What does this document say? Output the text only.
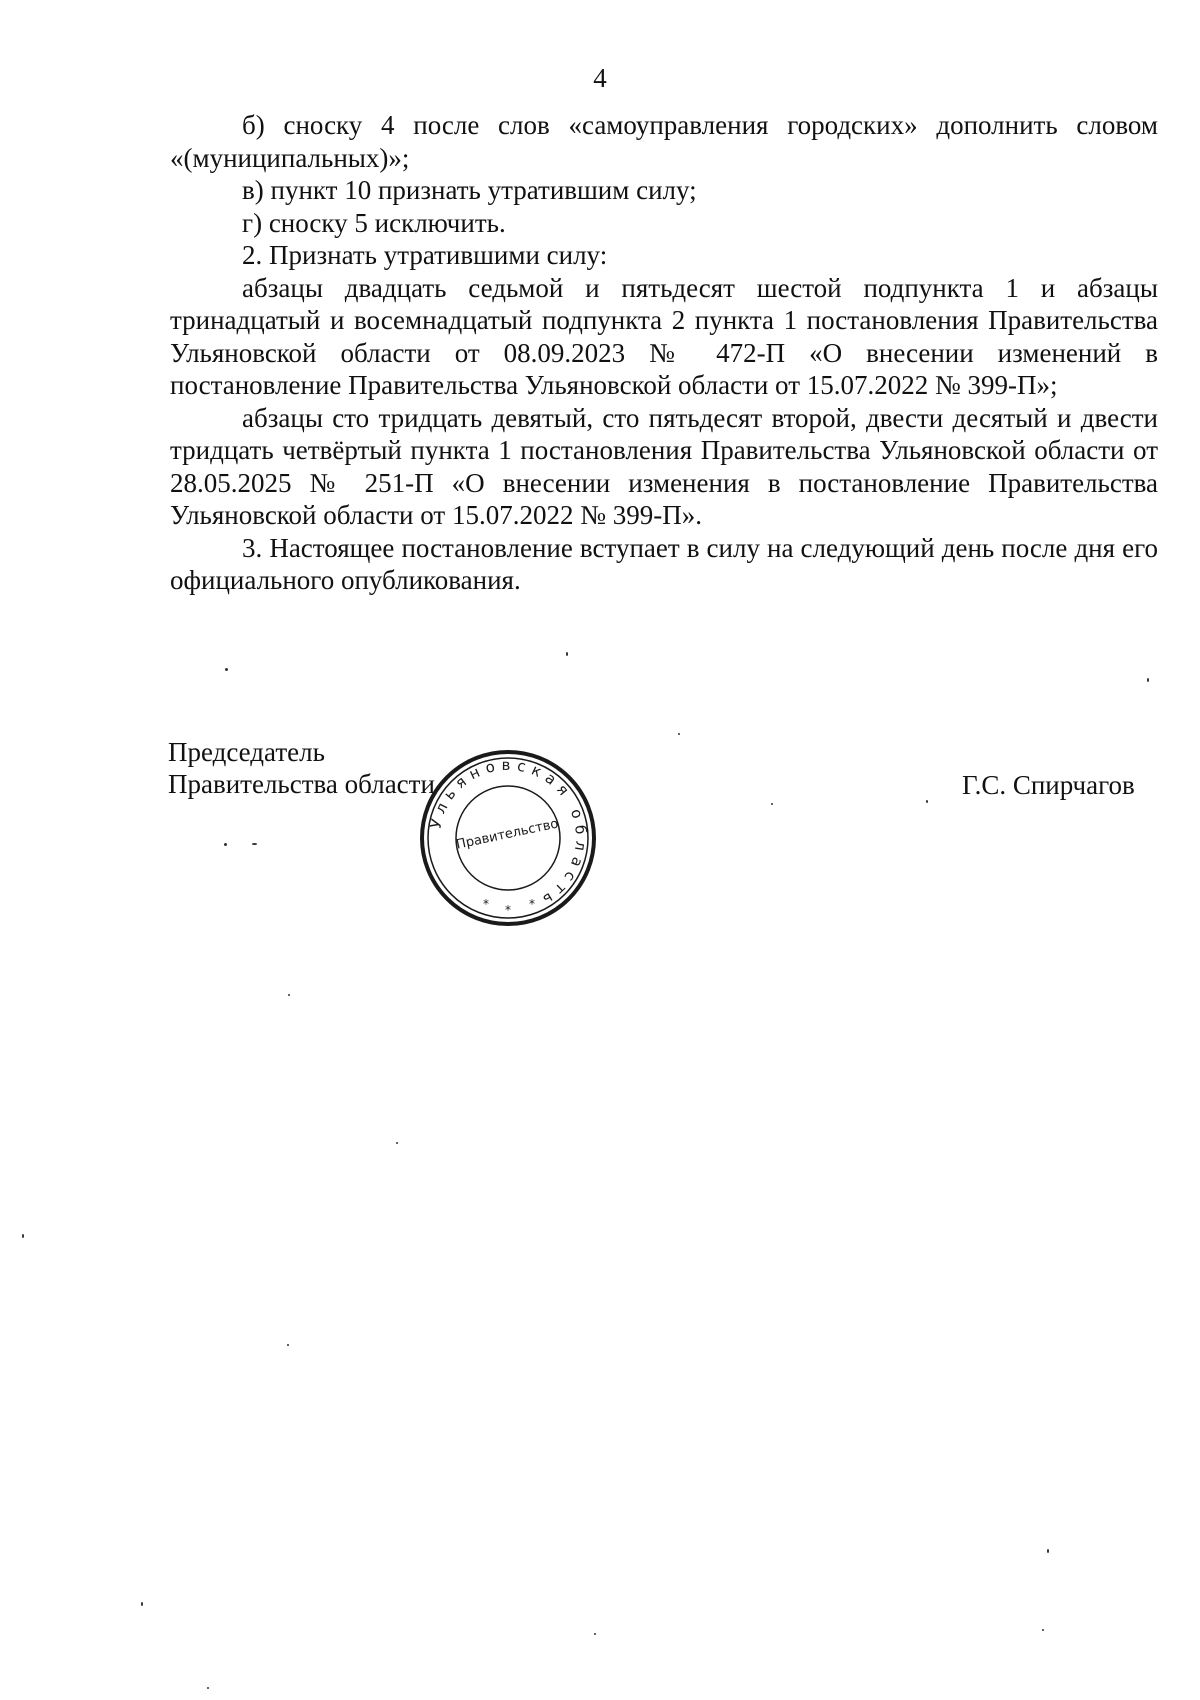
4

б) сноску 4 после слов «самоуправления городских» дополнить словом «(муниципальных)»;

в) пункт 10 признать утратившим силу;

г) сноску 5 исключить.

2. Признать утратившими силу:

абзацы двадцать седьмой и пятьдесят шестой подпункта 1 и абзацы тринадцатый и восемнадцатый подпункта 2 пункта 1 постановления Правительства Ульяновской области от 08.09.2023 № 472-П «О внесении изменений в постановление Правительства Ульяновской области от 15.07.2022 № 399-П»;

абзацы сто тридцать девятый, сто пятьдесят второй, двести десятый и двести тридцать четвёртый пункта 1 постановления Правительства Ульяновской области от 28.05.2025 № 251-П «О внесении изменения в постановление Правительства Ульяновской области от 15.07.2022 № 399-П».

3. Настоящее постановление вступает в силу на следующий день после дня его официального опубликования.

Председатель
Правительства области	Г.С. Спирчагов
Ульяновская область
Правительство
* * *
